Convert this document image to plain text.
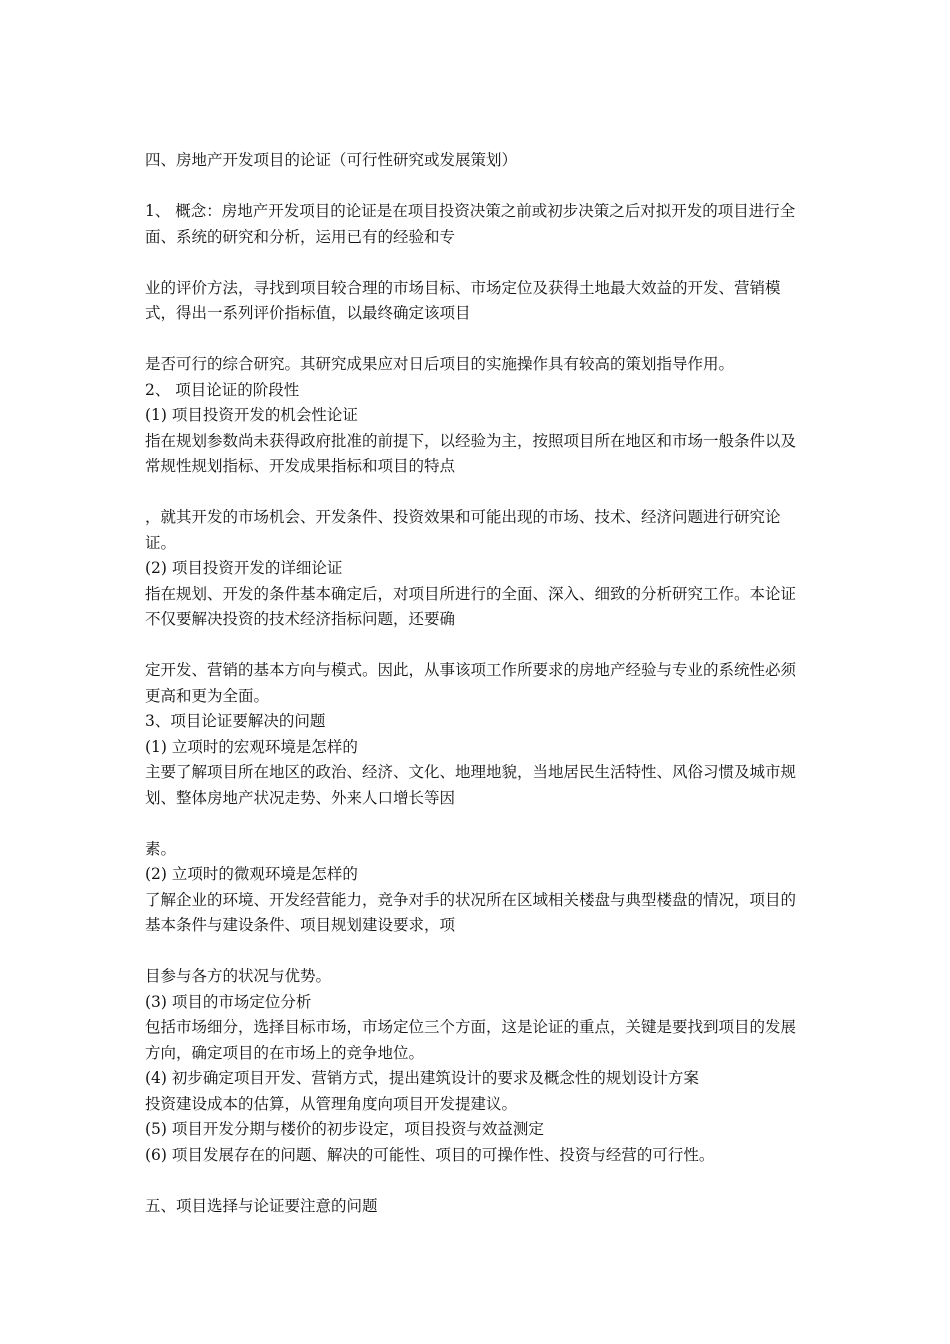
四、房地产开发项目的论证（可行性研究或发展策划）

1、 概念：房地产开发项目的论证是在项目投资决策之前或初步决策之后对拟开发的项目进行全面、系统的研究和分析，运用已有的经验和专

业的评价方法，寻找到项目较合理的市场目标、市场定位及获得土地最大效益的开发、营销模式，得出一系列评价指标值，以最终确定该项目

是否可行的综合研究。其研究成果应对日后项目的实施操作具有较高的策划指导作用。

2、 项目论证的阶段性

(1) 项目投资开发的机会性论证

指在规划参数尚未获得政府批准的前提下，以经验为主，按照项目所在地区和市场一般条件以及常规性规划指标、开发成果指标和项目的特点

，就其开发的市场机会、开发条件、投资效果和可能出现的市场、技术、经济问题进行研究论证。

(2) 项目投资开发的详细论证

指在规划、开发的条件基本确定后，对项目所进行的全面、深入、细致的分析研究工作。本论证不仅要解决投资的技术经济指标问题，还要确

定开发、营销的基本方向与模式。因此，从事该项工作所要求的房地产经验与专业的系统性必须更高和更为全面。

3、项目论证要解决的问题

(1) 立项时的宏观环境是怎样的

主要了解项目所在地区的政治、经济、文化、地理地貌，当地居民生活特性、风俗习惯及城市规划、整体房地产状况走势、外来人口增长等因

素。

(2) 立项时的微观环境是怎样的

了解企业的环境、开发经营能力，竞争对手的状况所在区域相关楼盘与典型楼盘的情况，项目的基本条件与建设条件、项目规划建设要求，项

目参与各方的状况与优势。

(3) 项目的市场定位分析

包括市场细分，选择目标市场，市场定位三个方面，这是论证的重点，关键是要找到项目的发展方向，确定项目的在市场上的竞争地位。

(4) 初步确定项目开发、营销方式，提出建筑设计的要求及概念性的规划设计方案

投资建设成本的估算，从管理角度向项目开发提建议。

(5) 项目开发分期与楼价的初步设定，项目投资与效益测定

(6) 项目发展存在的问题、解决的可能性、项目的可操作性、投资与经营的可行性。

五、项目选择与论证要注意的问题
